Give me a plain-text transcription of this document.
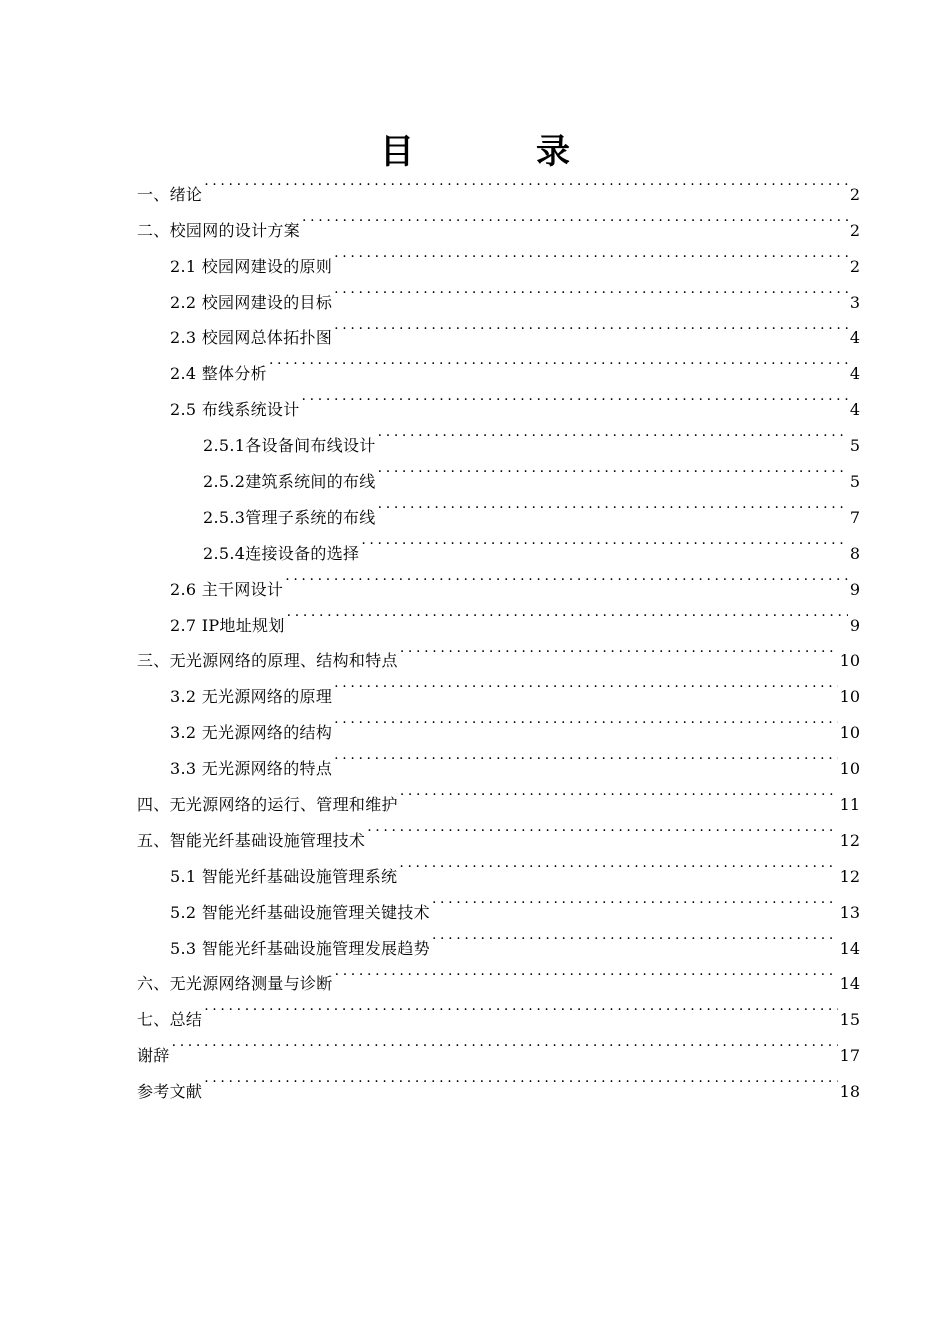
目　录
一、绪论 . . .	2
二、校园网的设计方案 . . .	2
2.1 校园网建设的原则 . . .	2
2.2 校园网建设的目标 . . .	3
2.3 校园网总体拓扑图 . . .	4
2.4 整体分析 . . .	4
2.5 布线系统设计 . . .	4
2.5.1各设备间布线设计 . . .	5
2.5.2建筑系统间的布线 . . .	5
2.5.3管理子系统的布线 . . .	7
2.5.4连接设备的选择 . . .	8
2.6 主干网设计 . . .	9
2.7 IP地址规划 . . .	9
三、无光源网络的原理、结构和特点 . . .	10
3.2 无光源网络的原理 . . .	10
3.2 无光源网络的结构 . . .	10
3.3 无光源网络的特点 . . .	10
四、无光源网络的运行、管理和维护 . . .	11
五、智能光纤基础设施管理技术 . . .	12
5.1 智能光纤基础设施管理系统 . . .	12
5.2 智能光纤基础设施管理关键技术 . . .	13
5.3 智能光纤基础设施管理发展趋势 . . .	14
六、无光源网络测量与诊断 . . .	14
七、总结 . . .	15
谢辞 . . .	17
参考文献 . . .	18
